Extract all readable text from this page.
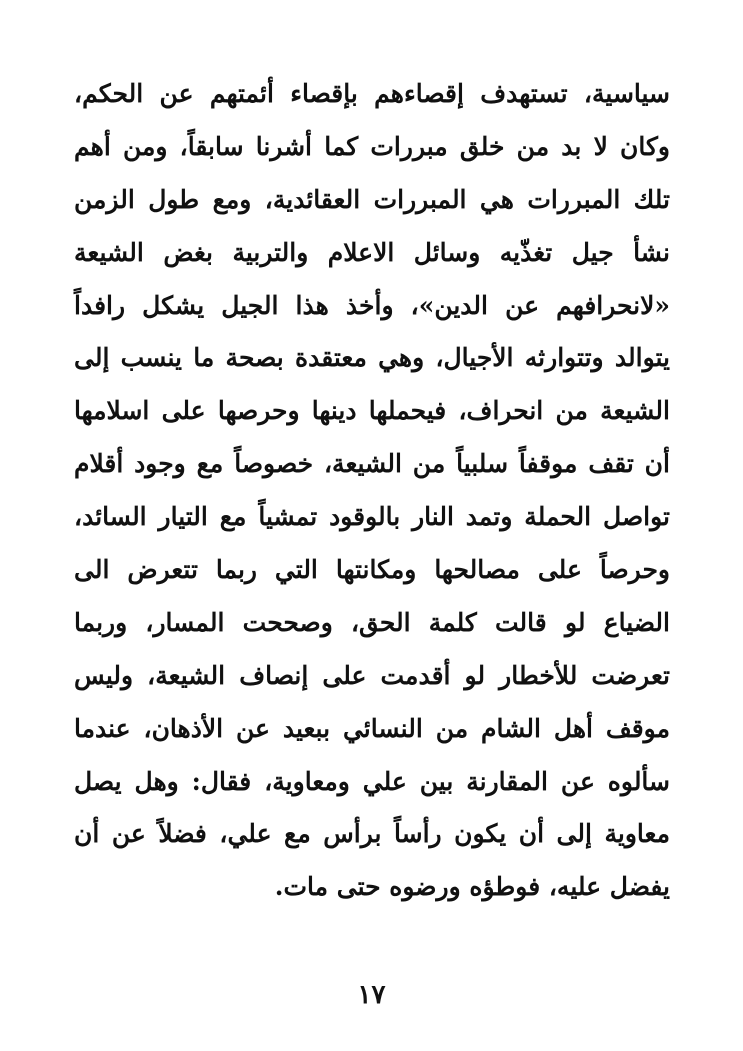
سياسية، تستهدف إقصاءهم بإقصاء أئمتهم عن الحكم،
وكان لا بد من خلق مبررات كما أشرنا سابقاً، ومن أهم
تلك المبررات هي المبررات العقائدية، ومع طول الزمن
نشأ جيل تغذّيه وسائل الاعلام والتربية بغض الشيعة
«لانحرافهم عن الدين»، وأخذ هذا الجيل يشكل رافداً
يتوالد وتتوارثه الأجيال، وهي معتقدة بصحة ما ينسب إلى
الشيعة من انحراف، فيحملها دينها وحرصها على اسلامها
أن تقف موقفاً سلبياً من الشيعة، خصوصاً مع وجود أقلام
تواصل الحملة وتمد النار بالوقود تمشياً مع التيار السائد،
وحرصاً على مصالحها ومكانتها التي ربما تتعرض الى
الضياع لو قالت كلمة الحق، وصححت المسار، وربما
تعرضت للأخطار لو أقدمت على إنصاف الشيعة، وليس
موقف أهل الشام من النسائي ببعيد عن الأذهان، عندما
سألوه عن المقارنة بين علي ومعاوية، فقال: وهل يصل
معاوية إلى أن يكون رأساً برأس مع علي، فضلاً عن أن
يفضل عليه، فوطؤه ورضوه حتى مات.
١٧
